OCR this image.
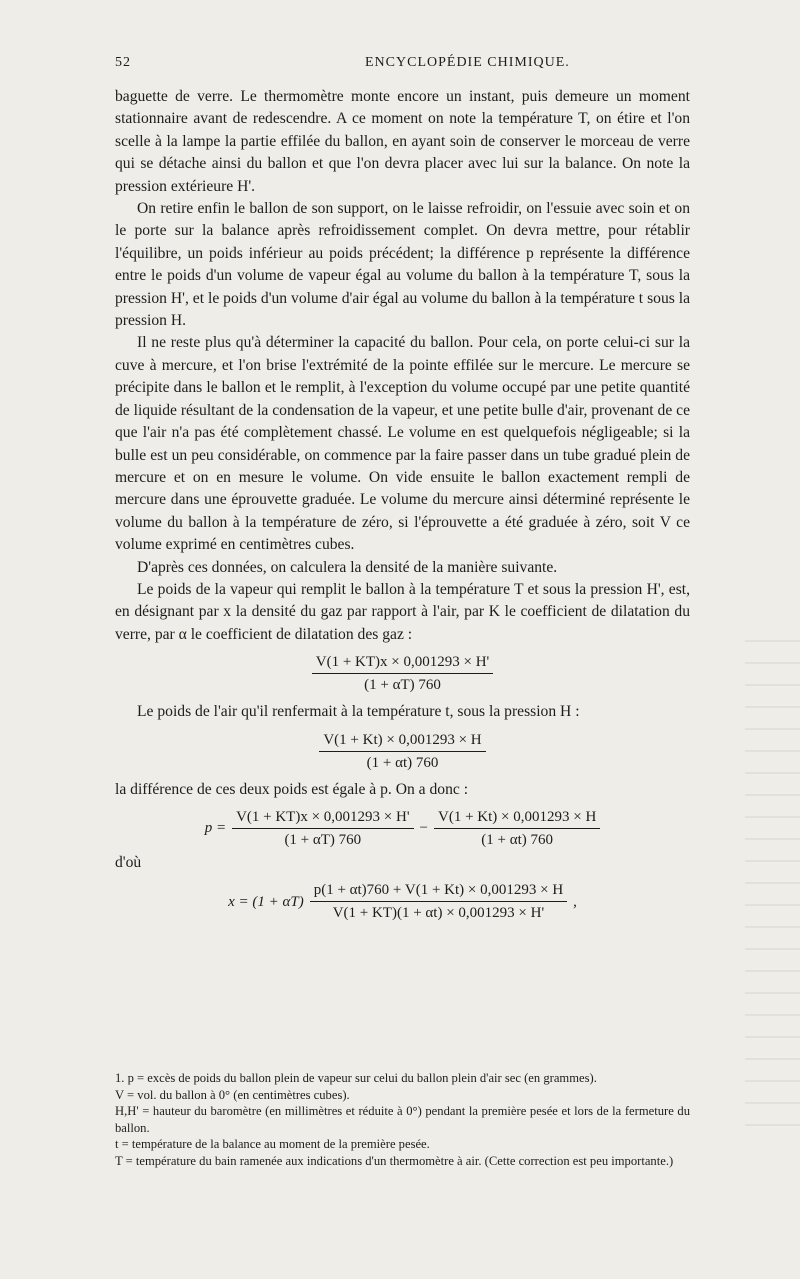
52	ENCYCLOPÉDIE CHIMIQUE.

baguette de verre. Le thermomètre monte encore un instant, puis demeure un moment stationnaire avant de redescendre. A ce moment on note la température T, on étire et l'on scelle à la lampe la partie effilée du ballon, en ayant soin de conserver le morceau de verre qui se détache ainsi du ballon et que l'on devra placer avec lui sur la balance. On note la pression extérieure H'.

On retire enfin le ballon de son support, on le laisse refroidir, on l'essuie avec soin et on le porte sur la balance après refroidissement complet. On devra mettre, pour rétablir l'équilibre, un poids inférieur au poids précédent; la différence p représente la différence entre le poids d'un volume de vapeur égal au volume du ballon à la température T, sous la pression H', et le poids d'un volume d'air égal au volume du ballon à la température t sous la pression H.

Il ne reste plus qu'à déterminer la capacité du ballon. Pour cela, on porte celui-ci sur la cuve à mercure, et l'on brise l'extrémité de la pointe effilée sur le mercure. Le mercure se précipite dans le ballon et le remplit, à l'exception du volume occupé par une petite quantité de liquide résultant de la condensation de la vapeur, et une petite bulle d'air, provenant de ce que l'air n'a pas été complètement chassé. Le volume en est quelquefois négligeable; si la bulle est un peu considérable, on commence par la faire passer dans un tube gradué plein de mercure et on en mesure le volume. On vide ensuite le ballon exactement rempli de mercure dans une éprouvette graduée. Le volume du mercure ainsi déterminé représente le volume du ballon à la température de zéro, si l'éprouvette a été graduée à zéro, soit V ce volume exprimé en centimètres cubes.

D'après ces données, on calculera la densité de la manière suivante.

Le poids de la vapeur qui remplit le ballon à la température T et sous la pression H', est, en désignant par x la densité du gaz par rapport à l'air, par K le coefficient de dilatation du verre, par α le coefficient de dilatation des gaz :

$\frac{V(1 + KT)x \times 0,001293 \times H'}{(1 + \alpha T) 760}$

Le poids de l'air qu'il renfermait à la température t, sous la pression H :

$\frac{V(1 + Kt) \times 0,001293 \times H}{(1 + \alpha t) 760}$

la différence de ces deux poids est égale à p. On a donc :

$p = \frac{V(1 + KT)x \times 0,001293 \times H'}{(1 + \alpha T) 760} - \frac{V(1 + Kt) \times 0,001293 \times H}{(1 + \alpha t) 760}$

d'où

$x = (1 + \alpha T) \frac{p(1 + \alpha t)760 + V(1 + Kt) \times 0,001293 \times H}{V(1 + KT)(1 + \alpha t) \times 0,001293 \times H'}$ ,

1. p = excès de poids du ballon plein de vapeur sur celui du ballon plein d'air sec (en grammes).

V = vol. du ballon à 0° (en centimètres cubes).

H,H' = hauteur du baromètre (en millimètres et réduite à 0°) pendant la première pesée et lors de la fermeture du ballon.

t = température de la balance au moment de la première pesée.

T = température du bain ramenée aux indications d'un thermomètre à air. (Cette correction est peu importante.)
